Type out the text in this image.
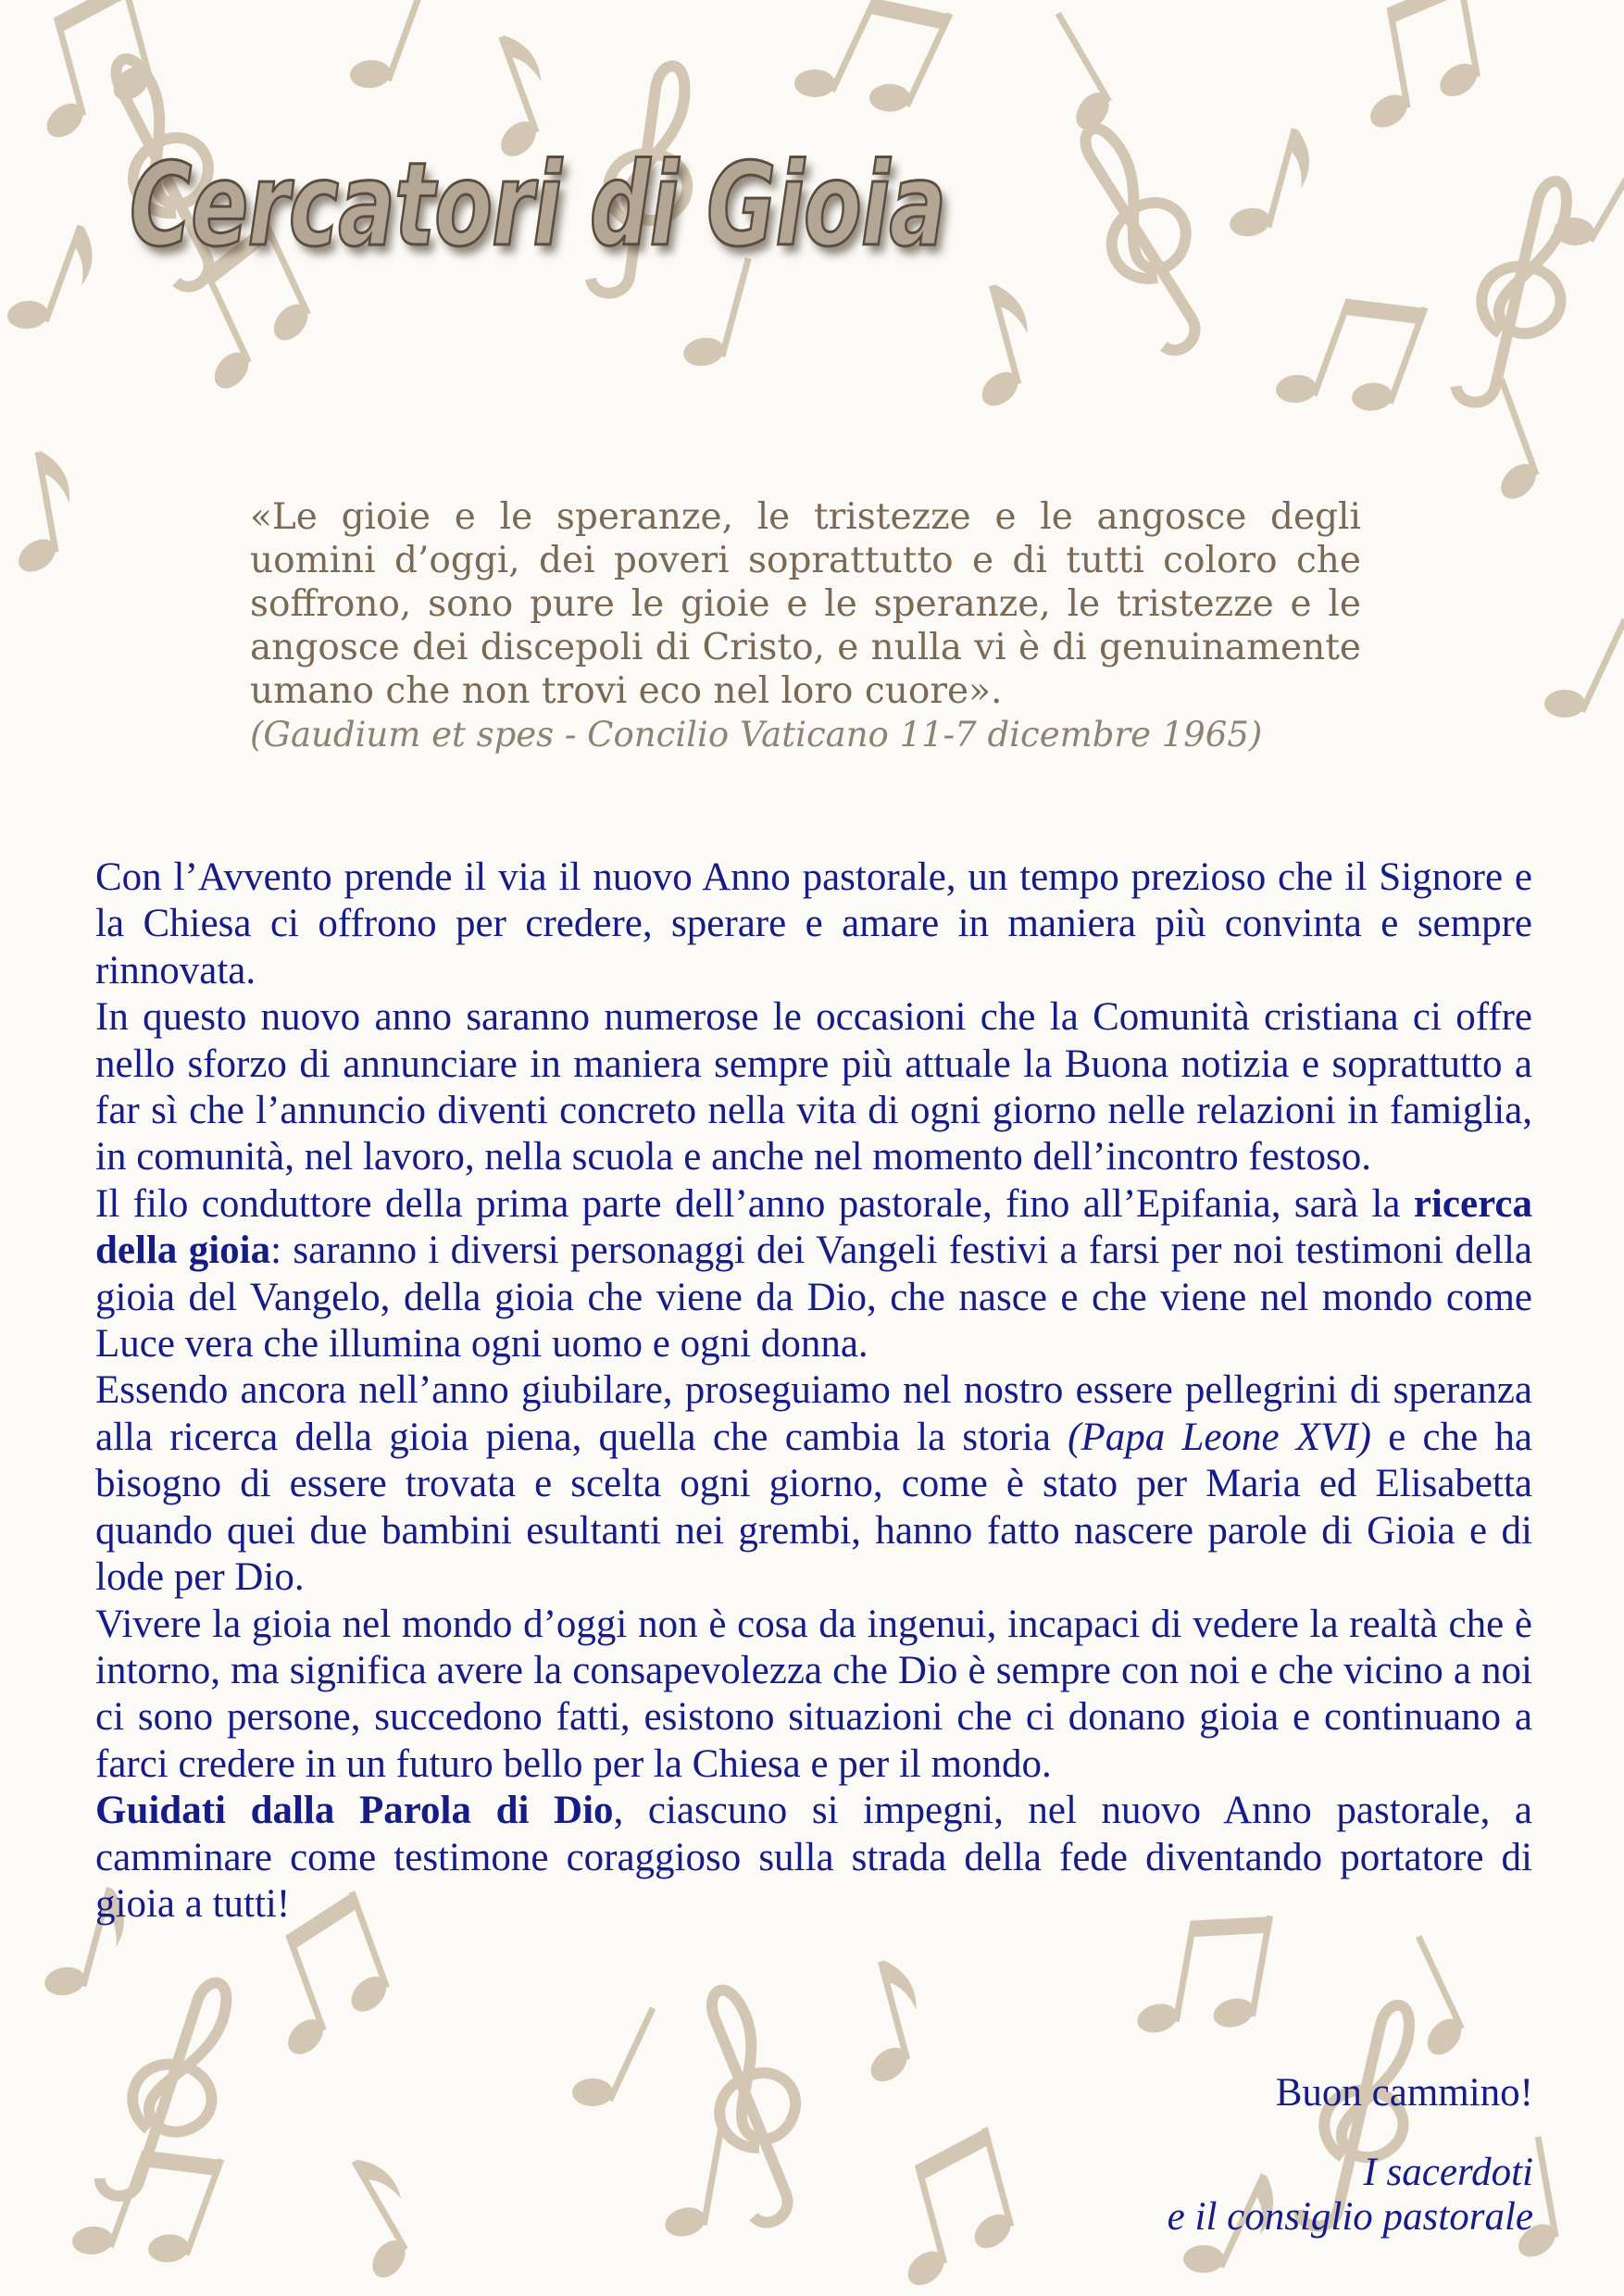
Cercatori di Gioia

«Le gioie e le speranze, le tristezze e le angosce degli uomini d’oggi, dei poveri soprattutto e di tutti coloro che soffrono, sono pure le gioie e le speranze, le tristezze e le angosce dei discepoli di Cristo, e nulla vi è di genuinamente umano che non trovi eco nel loro cuore».

(Gaudium et spes - Concilio Vaticano 11-7 dicembre 1965)

Con l’Avvento prende il via il nuovo Anno pastorale, un tempo prezioso che il Signore e la Chiesa ci offrono per credere, sperare e amare in maniera più convinta e sempre rinnovata.

In questo nuovo anno saranno numerose le occasioni che la Comunità cristiana ci offre nello sforzo di annunciare in maniera sempre più attuale la Buona notizia e soprattutto a far sì che l’annuncio diventi concreto nella vita di ogni giorno nelle relazioni in famiglia, in comunità, nel lavoro, nella scuola e anche nel momento dell’incontro festoso.

Il filo conduttore della prima parte dell’anno pastorale, fino all’Epifania, sarà la ricerca della gioia: saranno i diversi personaggi dei Vangeli festivi a farsi per noi testimoni della gioia del Vangelo, della gioia che viene da Dio, che nasce e che viene nel mondo come Luce vera che illumina ogni uomo e ogni donna.

Essendo ancora nell’anno giubilare, proseguiamo nel nostro essere pellegrini di speranza alla ricerca della gioia piena, quella che cambia la storia (Papa Leone XVI) e che ha bisogno di essere trovata e scelta ogni giorno, come è stato per Maria ed Elisabetta quando quei due bambini esultanti nei grembi, hanno fatto nascere parole di Gioia e di lode per Dio.

Vivere la gioia nel mondo d’oggi non è cosa da ingenui, incapaci di vedere la realtà che è intorno, ma significa avere la consapevolezza che Dio è sempre con noi e che vicino a noi ci sono persone, succedono fatti, esistono situazioni che ci donano gioia e continuano a farci credere in un futuro bello per la Chiesa e per il mondo.

Guidati dalla Parola di Dio, ciascuno si impegni, nel nuovo Anno pastorale, a camminare come testimone coraggioso sulla strada della fede diventando portatore di gioia a tutti!

Buon cammino!

I sacerdoti

e il consiglio pastorale
